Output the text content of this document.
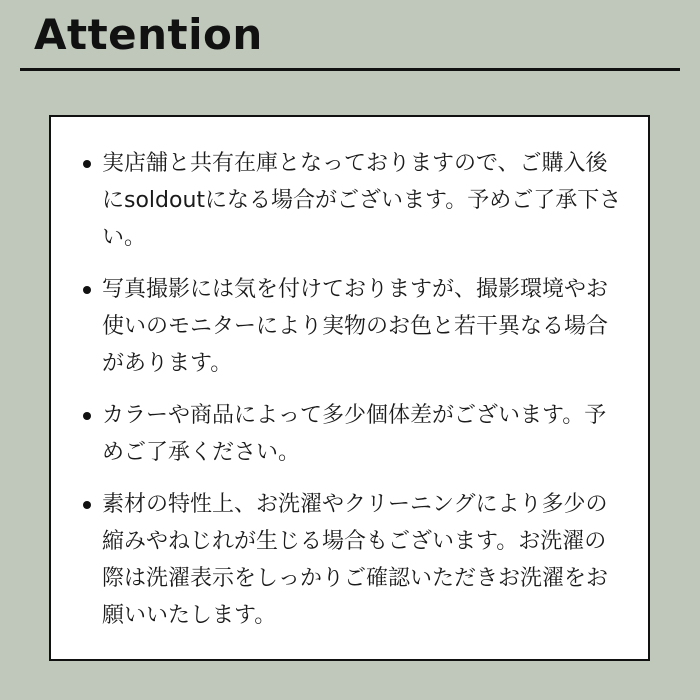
Attention
実店舗と共有在庫となっておりますので、ご購入後にsoldoutになる場合がございます。予めご了承下さい。
写真撮影には気を付けておりますが、撮影環境やお使いのモニターにより実物のお色と若干異なる場合があります。
カラーや商品によって多少個体差がございます。予めご了承ください。
素材の特性上、お洗濯やクリーニングにより多少の縮みやねじれが生じる場合もございます。お洗濯の際は洗濯表示をしっかりご確認いただきお洗濯をお願いいたします。
